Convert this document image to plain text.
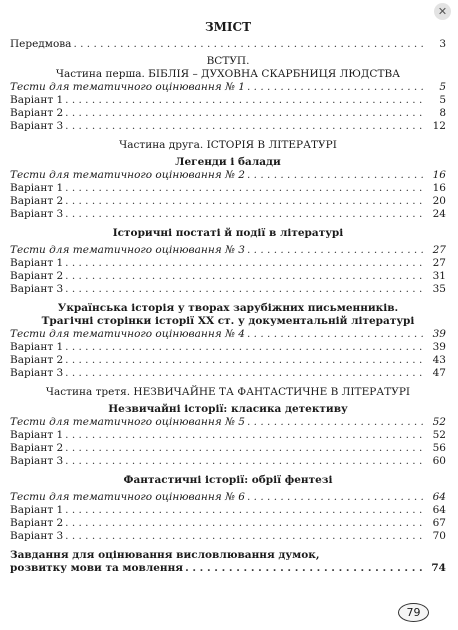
✕
ЗМІСТ
Передмова . . .	3
ВСТУП.
Частина перша. БІБЛІЯ – ДУХОВНА СКАРБНИЦЯ ЛЮДСТВА
Тести для тематичного оцінювання № 1 . . .	5
Варіант 1 . . .	5
Варіант 2 . . .	8
Варіант 3 . . .	12
Частина друга. ІСТОРІЯ В ЛІТЕРАТУРІ
Легенди і балади
Тести для тематичного оцінювання № 2 . . .	16
Варіант 1 . . .	16
Варіант 2 . . .	20
Варіант 3 . . .	24
Історичні постаті й події в літературі
Тести для тематичного оцінювання № 3 . . .	27
Варіант 1 . . .	27
Варіант 2 . . .	31
Варіант 3 . . .	35
Українська історія у творах зарубіжних письменників.
Трагічні сторінки історії ХХ ст. у документальній літературі
Тести для тематичного оцінювання № 4 . . .	39
Варіант 1 . . .	39
Варіант 2 . . .	43
Варіант 3 . . .	47
Частина третя. НЕЗВИЧАЙНЕ ТА ФАНТАСТИЧНЕ В ЛІТЕРАТУРІ
Незвичайні історії: класика детективу
Тести для тематичного оцінювання № 5 . . .	52
Варіант 1 . . .	52
Варіант 2 . . .	56
Варіант 3 . . .	60
Фантастичні історії: обрії фентезі
Тести для тематичного оцінювання № 6 . . .	64
Варіант 1 . . .	64
Варіант 2 . . .	67
Варіант 3 . . .	70
Завдання для оцінювання висловлювання думок,
розвитку мови та мовлення . . .	74
79
